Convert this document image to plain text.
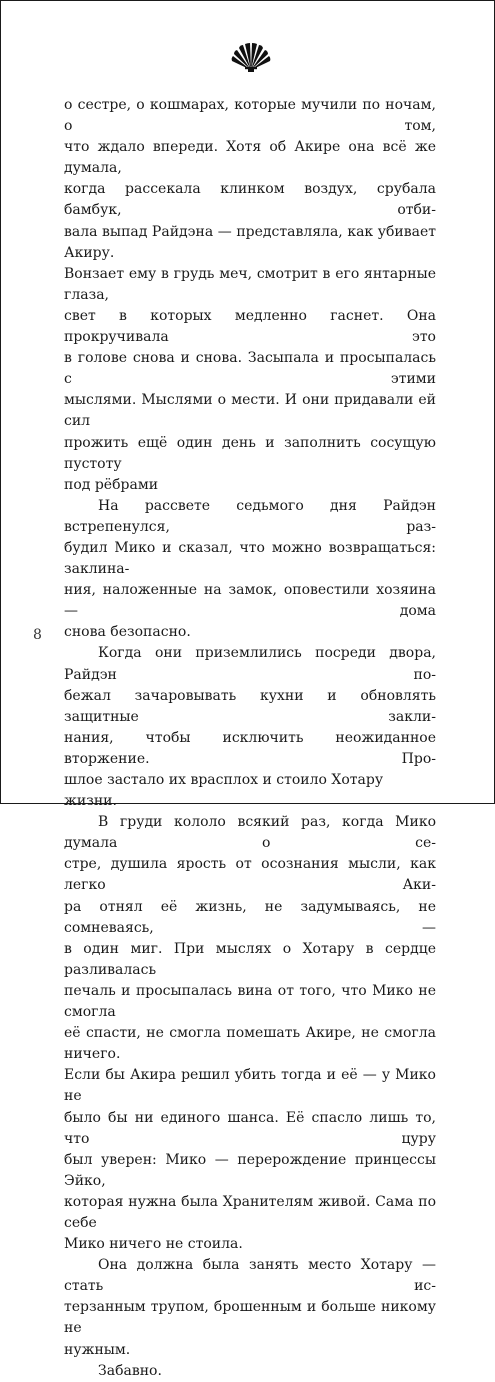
о сестре, о кошмарах, которые мучили по ночам, о том,
что ждало впереди. Хотя об Акире она всё же думала,
когда рассекала клинком воздух, срубала бамбук, отби-
вала выпад Райдэна — представляла, как убивает Акиру.
Вонзает ему в грудь меч, смотрит в его янтарные глаза,
свет в которых медленно гаснет. Она прокручивала это
в голове снова и снова. Засыпала и просыпалась с этими
мыслями. Мыслями о мести. И они придавали ей сил
прожить ещё один день и заполнить сосущую пустоту
под рёбрами

На рассвете седьмого дня Райдэн встрепенулся, раз-
будил Мико и сказал, что можно возвращаться: заклина-
ния, наложенные на замок, оповестили хозяина — дома
снова безопасно.

Когда они приземлились посреди двора, Райдэн по-
бежал зачаровывать кухни и обновлять защитные закли-
нания, чтобы исключить неожиданное вторжение. Про-
шлое застало их врасплох и стоило Хотару жизни.

В груди кололо всякий раз, когда Мико думала о се-
стре, душила ярость от осознания мысли, как легко Аки-
ра отнял её жизнь, не задумываясь, не сомневаясь, —
в один миг. При мыслях о Хотару в сердце разливалась
печаль и просыпалась вина от того, что Мико не смогла
её спасти, не смогла помешать Акире, не смогла ничего.
Если бы Акира решил убить тогда и её — у Мико не
было бы ни единого шанса. Её спасло лишь то, что цуру
был уверен: Мико — перерождение принцессы Эйко,
которая нужна была Хранителям живой. Сама по себе
Мико ничего не стоила.

Она должна была занять место Хотару — стать ис-
терзанным трупом, брошенным и больше никому не
нужным.

Забавно.

8
